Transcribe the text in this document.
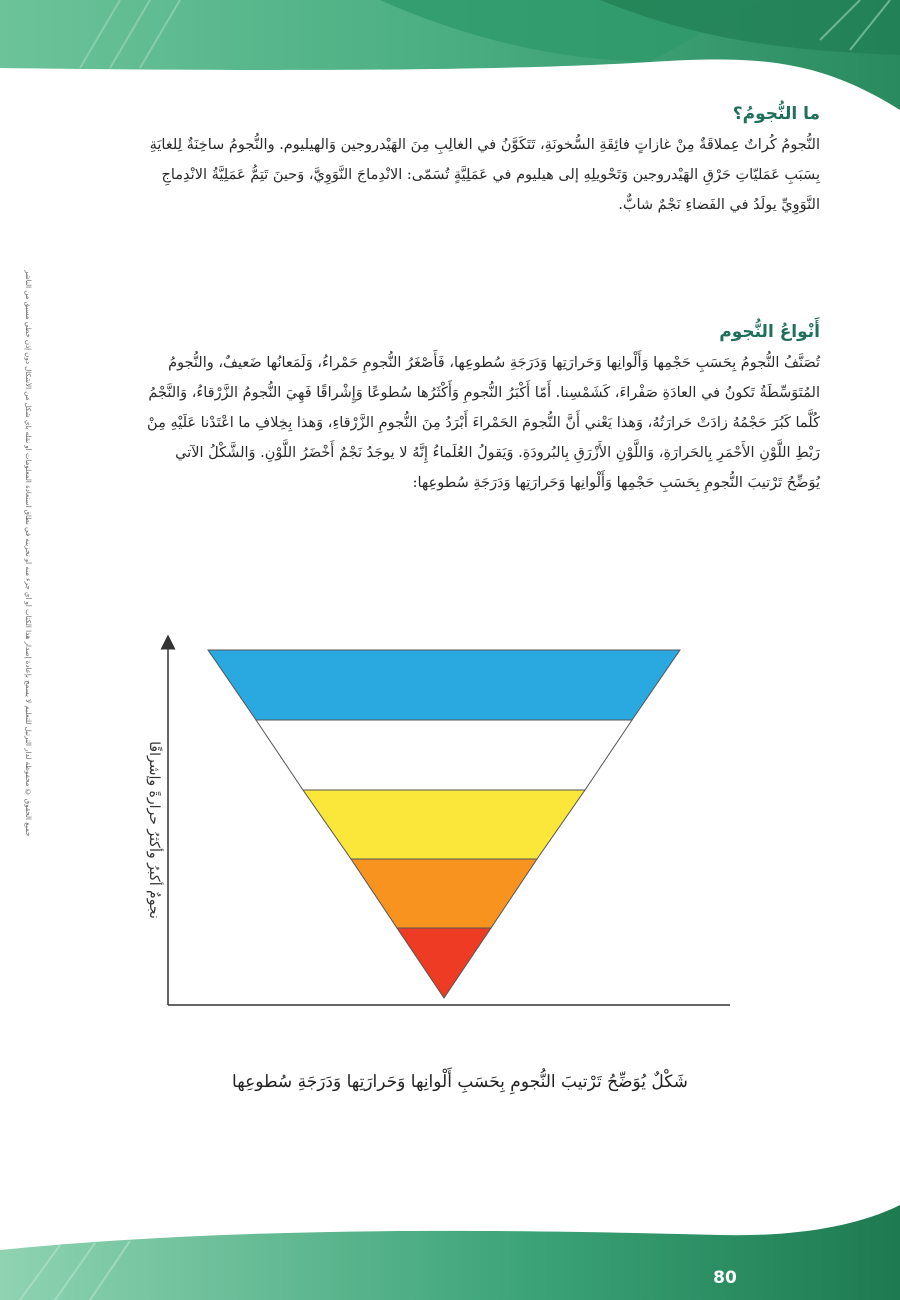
جميع الحقوق © محفوظة لدار الترتيل للتعليم لا يسمح بإعادة إصدار هذا الكتاب أو أي جزء منه أو تخزينه في نطاق استعادة المعلومات أو نقله بأي شكل من الأشكال دون إذن خطي مسبق من الناشر
ما النُّجومُ؟

النُّجومُ كُراتٌ عِملاقَةٌ مِنْ غازاتٍ فائِقَةِ السُّخونَةِ، تَتَكَوَّنُ في الغالِبِ مِنَ الهَيْدروجين وَالهيليوم. والنُّجومُ ساخِنَةٌ لِلغايَةِ بِسَبَبِ عَمَليّاتِ حَرْقِ الهَيْدروجين وَتَحْويلِهِ إلى هيليوم في عَمَلِيَّةٍ تُسَمّى: الانْدِماجَ النَّوَوِيَّ، وَحينَ تَتِمُّ عَمَلِيَّةُ الانْدِماجِ النَّوَوِيِّ يولَدُ في الفَضاءِ نَجْمٌ شابٌّ.

أَنْواعُ النُّجوم

تُصَنَّفُ النُّجومُ بِحَسَبِ حَجْمِها وَأَلْوانِها وَحَرارَتِها وَدَرَجَةِ سُطوعِها، فَأَصْغَرُ النُّجومِ حَمْراءُ، وَلَمَعانُها ضَعيفٌ، والنُّجومُ المُتَوَسِّطَةُ تَكونُ في العادَةِ صَفْراءَ، كَشَمْسِنا. أَمّا أَكْبَرُ النُّجومِ وَأَكْثَرُها سُطوعًا وَإِشْراقًا فَهِيَ النُّجومُ الزَّرْقاءُ، وَالنَّجْمُ كُلَّما كَبُرَ حَجْمُهُ زادَتْ حَرارَتُهُ، وَهذا يَعْني أَنَّ النُّجومَ الحَمْراءَ أَبْرَدُ مِنَ النُّجومِ الزَّرْقاءِ، وَهذا بِخِلافِ ما اعْتَدْنا عَلَيْهِ مِنْ رَبْطِ اللَّوْنِ الأَحْمَرِ بِالحَرارَةِ، وَاللَّوْنِ الأَزْرَقِ بِالبُرودَةِ. وَيَقولُ العُلَماءُ إِنَّهُ لا يوجَدُ نَجْمٌ أَخْضَرُ اللَّوْنِ. وَالشَّكْلُ الآتي يُوَضِّحُ تَرْتيبَ النُّجومِ بِحَسَبِ حَجْمِها وَأَلْوانِها وَحَرارَتِها وَدَرَجَةِ سُطوعِها:

نجومٌ أكبرُ وأكثرُ حرارةً وإشراقًا
شَكْلٌ يُوَضِّحُ تَرْتيبَ النُّجومِ بِحَسَبِ أَلْوانِها وَحَرارَتِها وَدَرَجَةِ سُطوعِها
80
